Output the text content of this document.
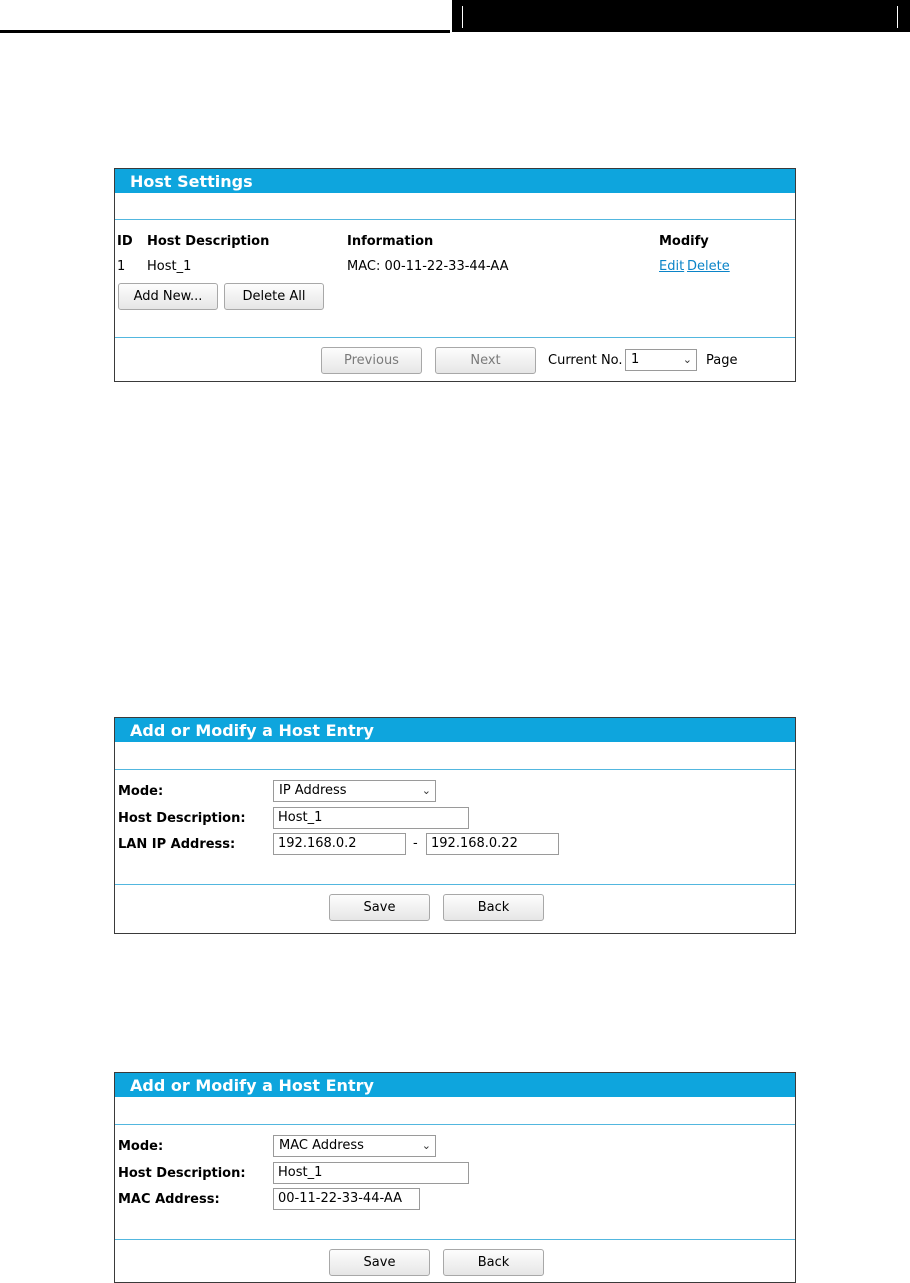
Host Settings
ID Host Description	Information	Modify
1 Host_1	MAC: 00-11-22-33-44-AA	Edit Delete
Add New...	Delete All
Previous	Next	Current No. 1	⌄ Page
Add or Modify a Host Entry
Mode:	IP Address	⌄
Host Description:	Host_1
LAN IP Address:	192.168.0.2	-	192.168.0.22
Save	Back
Add or Modify a Host Entry
Mode:	MAC Address	⌄
Host Description:	Host_1
MAC Address:	00-11-22-33-44-AA
Save	Back
